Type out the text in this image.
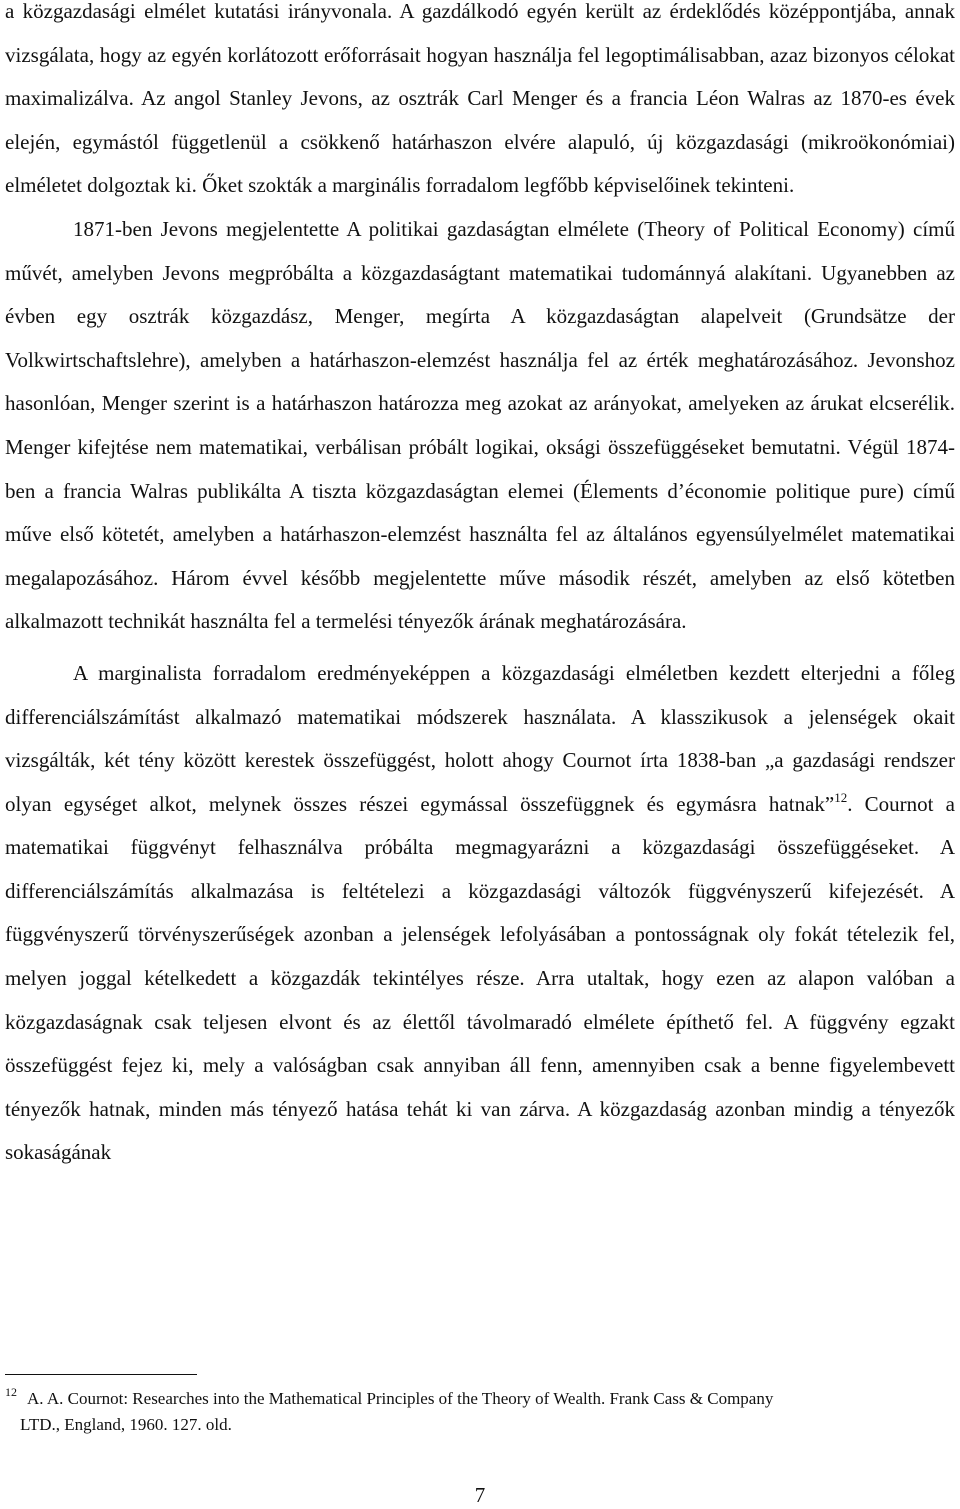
a közgazdasági elmélet kutatási irányvonala. A gazdálkodó egyén került az érdeklődés középpontjába, annak vizsgálata, hogy az egyén korlátozott erőforrásait hogyan használja fel legoptimálisabban, azaz bizonyos célokat maximalizálva. Az angol Stanley Jevons, az osztrák Carl Menger és a francia Léon Walras az 1870-es évek elején, egymástól függetlenül a csökkenő határhaszon elvére alapuló, új közgazdasági (mikroökonómiai) elméletet dolgoztak ki. Őket szokták a marginális forradalom legfőbb képviselőinek tekinteni.

1871-ben Jevons megjelentette A politikai gazdaságtan elmélete (Theory of Political Economy) című művét, amelyben Jevons megpróbálta a közgazdaságtant matematikai tudománnyá alakítani. Ugyanebben az évben egy osztrák közgazdász, Menger, megírta A közgazdaságtan alapelveit (Grundsätze der Volkwirtschaftslehre), amelyben a határhaszon-elemzést használja fel az érték meghatározásához. Jevonshoz hasonlóan, Menger szerint is a határhaszon határozza meg azokat az arányokat, amelyeken az árukat elcserélik. Menger kifejtése nem matematikai, verbálisan próbált logikai, oksági összefüggéseket bemutatni. Végül 1874-ben a francia Walras publikálta A tiszta közgazdaságtan elemei (Élements d’économie politique pure) című műve első kötetét, amelyben a határhaszon-elemzést használta fel az általános egyensúlyelmélet matematikai megalapozásához. Három évvel később megjelentette műve második részét, amelyben az első kötetben alkalmazott technikát használta fel a termelési tényezők árának meghatározására.

A marginalista forradalom eredményeképpen a közgazdasági elméletben kezdett elterjedni a főleg differenciálszámítást alkalmazó matematikai módszerek használata. A klasszikusok a jelenségek okait vizsgálták, két tény között kerestek összefüggést, holott ahogy Cournot írta 1838-ban „a gazdasági rendszer olyan egységet alkot, melynek összes részei egymással összefüggnek és egymásra hatnak”$^{12}$. Cournot a matematikai függvényt felhasználva próbálta megmagyarázni a közgazdasági összefüggéseket. A differenciálszámítás alkalmazása is feltételezi a közgazdasági változók függvényszerű kifejezését. A függvényszerű törvényszerűségek azonban a jelenségek lefolyásában a pontosságnak oly fokát tételezik fel, melyen joggal kételkedett a közgazdák tekintélyes része. Arra utaltak, hogy ezen az alapon valóban a közgazdaságnak csak teljesen elvont és az élettől távolmaradó elmélete építhető fel. A függvény egzakt összefüggést fejez ki, mely a valóságban csak annyiban áll fenn, amennyiben csak a benne figyelembevett tényezők hatnak, minden más tényező hatása tehát ki van zárva. A közgazdaság azonban mindig a tényezők sokaságának

$^{12}$ A. A. Cournot: Researches into the Mathematical Principles of the Theory of Wealth. Frank Cass & Company
LTD., England, 1960. 127. old.
7
